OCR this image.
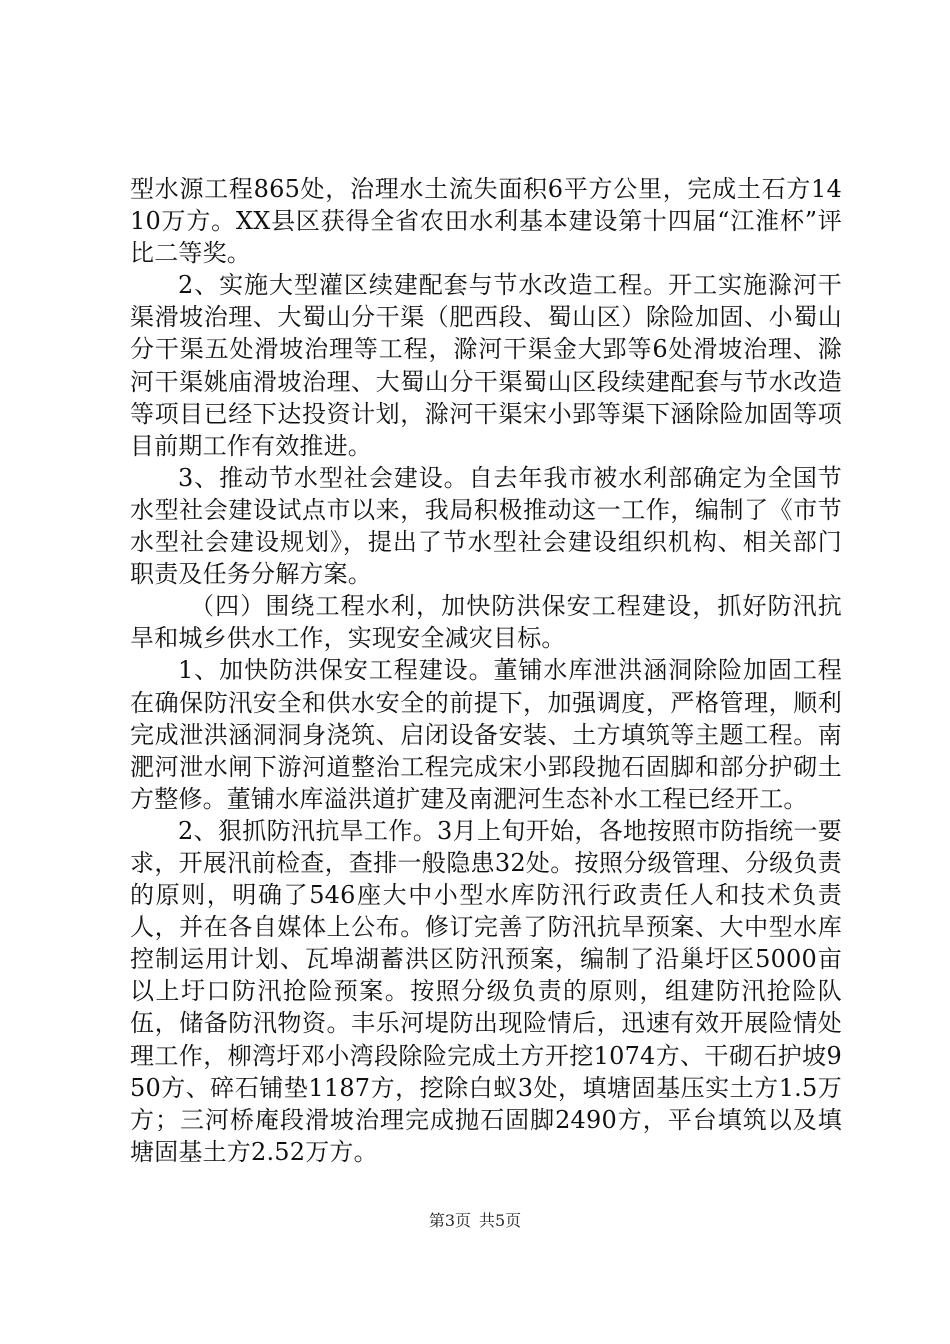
型水源工程865处，治理水土流失面积6平方公里，完成土石方1410万方。XX县区获得全省农田水利基本建设第十四届“江淮杯”评比二等奖。

2、实施大型灌区续建配套与节水改造工程。开工实施滁河干渠滑坡治理、大蜀山分干渠（肥西段、蜀山区）除险加固、小蜀山分干渠五处滑坡治理等工程，滁河干渠金大郢等6处滑坡治理、滁河干渠姚庙滑坡治理、大蜀山分干渠蜀山区段续建配套与节水改造等项目已经下达投资计划，滁河干渠宋小郢等渠下涵除险加固等项目前期工作有效推进。

3、推动节水型社会建设。自去年我市被水利部确定为全国节水型社会建设试点市以来，我局积极推动这一工作，编制了《市节水型社会建设规划》，提出了节水型社会建设组织机构、相关部门职责及任务分解方案。

（四）围绕工程水利，加快防洪保安工程建设，抓好防汛抗旱和城乡供水工作，实现安全减灾目标。

1、加快防洪保安工程建设。董铺水库泄洪涵洞除险加固工程在确保防汛安全和供水安全的前提下，加强调度，严格管理，顺利完成泄洪涵洞洞身浇筑、启闭设备安装、土方填筑等主题工程。南淝河泄水闸下游河道整治工程完成宋小郢段抛石固脚和部分护砌土方整修。董铺水库溢洪道扩建及南淝河生态补水工程已经开工。

2、狠抓防汛抗旱工作。3月上旬开始，各地按照市防指统一要求，开展汛前检查，查排一般隐患32处。按照分级管理、分级负责的原则，明确了546座大中小型水库防汛行政责任人和技术负责人，并在各自媒体上公布。修订完善了防汛抗旱预案、大中型水库控制运用计划、瓦埠湖蓄洪区防汛预案，编制了沿巢圩区5000亩以上圩口防汛抢险预案。按照分级负责的原则，组建防汛抢险队伍，储备防汛物资。丰乐河堤防出现险情后，迅速有效开展险情处理工作，柳湾圩邓小湾段除险完成土方开挖1074方、干砌石护坡950方、碎石铺垫1187方，挖除白蚁3处，填塘固基压实土方1.5万方；三河桥庵段滑坡治理完成抛石固脚2490方，平台填筑以及填塘固基土方2.52万方。

第3页 共5页
